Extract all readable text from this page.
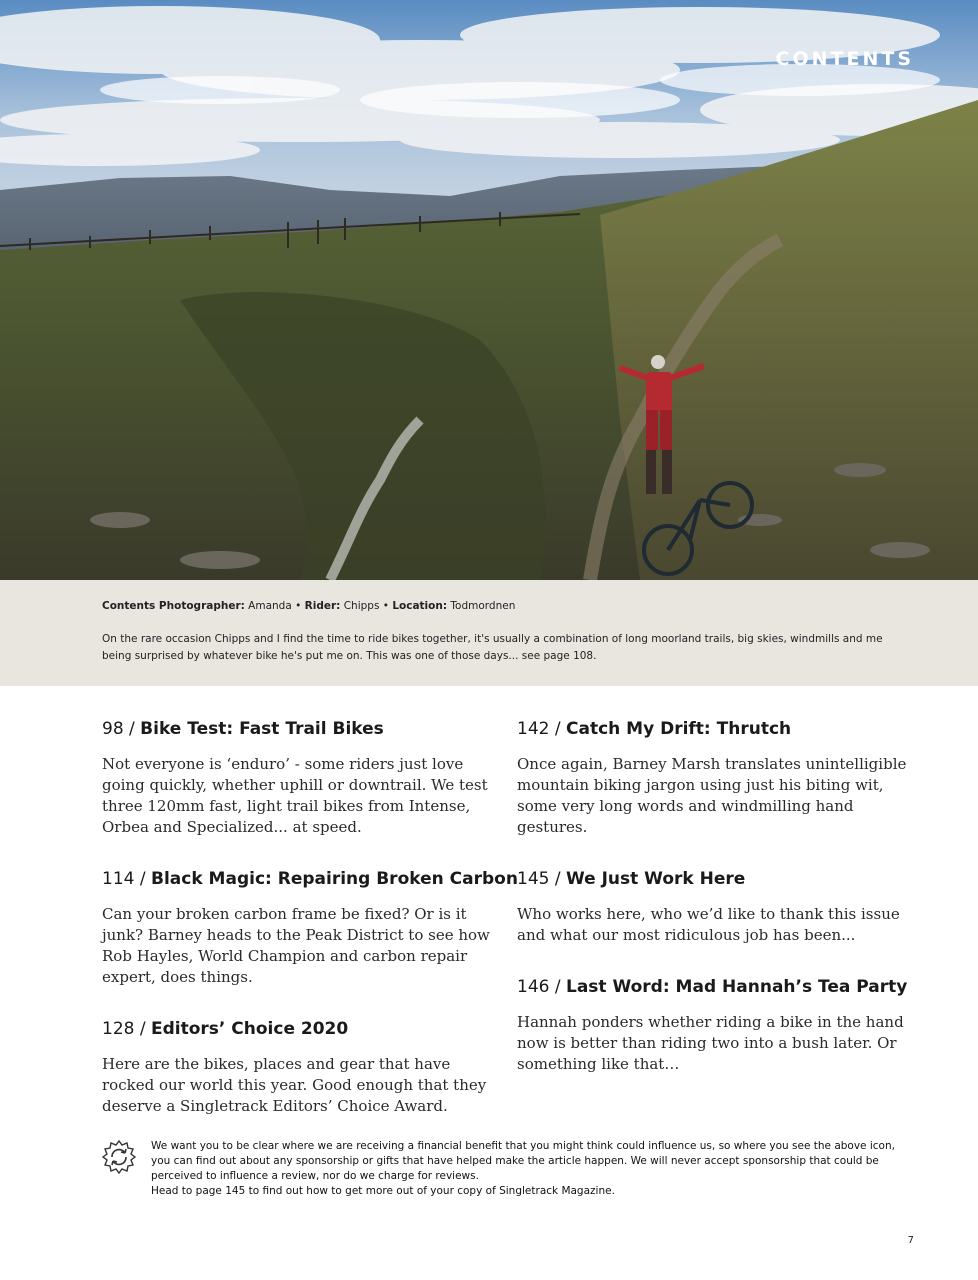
CONTENTS
Contents Photographer: Amanda • Rider: Chipps • Location: Todmordnen
On the rare occasion Chipps and I find the time to ride bikes together, it's usually a combination of long moorland trails, big skies, windmills and me being surprised by whatever bike he's put me on. This was one of those days... see page 108.
98 / Bike Test: Fast Trail Bikes

Not everyone is ‘enduro’ - some riders just love going quickly, whether uphill or downtrail. We test three 120mm fast, light trail bikes from Intense, Orbea and Specialized... at speed.

114 / Black Magic: Repairing Broken Carbon

Can your broken carbon frame be fixed? Or is it junk? Barney heads to the Peak District to see how Rob Hayles, World Champion and carbon repair expert, does things.

128 / Editors’ Choice 2020

Here are the bikes, places and gear that have rocked our world this year. Good enough that they deserve a Singletrack Editors’ Choice Award.

142 / Catch My Drift: Thrutch

Once again, Barney Marsh translates unintelligible mountain biking jargon using just his biting wit, some very long words and windmilling hand gestures.

145 / We Just Work Here

Who works here, who we’d like to thank this issue and what our most ridiculous job has been...

146 / Last Word: Mad Hannah’s Tea Party

Hannah ponders whether riding a bike in the hand now is better than riding two into a bush later. Or something like that…

We want you to be clear where we are receiving a financial benefit that you might think could influence us, so where you see the above icon, you can find out about any sponsorship or gifts that have helped make the article happen. We will never accept sponsorship that could be perceived to influence a review, nor do we charge for reviews.
Head to page 145 to find out how to get more out of your copy of Singletrack Magazine.
7
